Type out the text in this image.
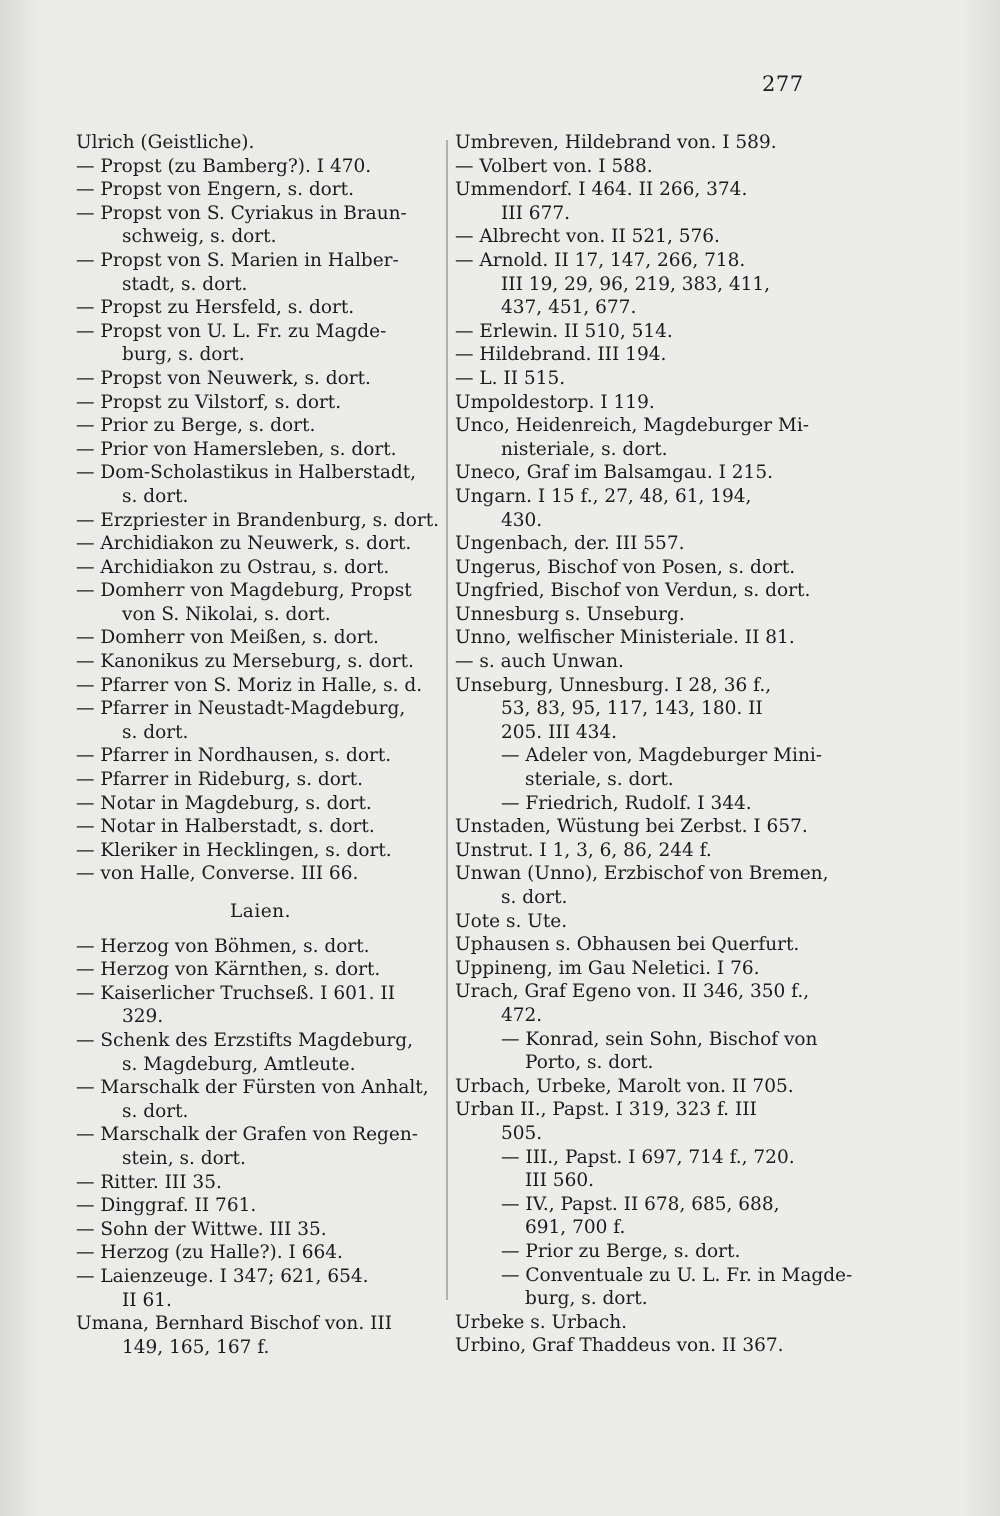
277
Ulrich (Geistliche).
— Propst (zu Bamberg?). I 470.
— Propst von Engern, s. dort.
— Propst von S. Cyriakus in Braun-
schweig, s. dort.
— Propst von S. Marien in Halber-
stadt, s. dort.
— Propst zu Hersfeld, s. dort.
— Propst von U. L. Fr. zu Magde-
burg, s. dort.
— Propst von Neuwerk, s. dort.
— Propst zu Vilstorf, s. dort.
— Prior zu Berge, s. dort.
— Prior von Hamersleben, s. dort.
— Dom-Scholastikus in Halberstadt,
s. dort.
— Erzpriester in Brandenburg, s. dort.
— Archidiakon zu Neuwerk, s. dort.
— Archidiakon zu Ostrau, s. dort.
— Domherr von Magdeburg, Propst
von S. Nikolai, s. dort.
— Domherr von Meißen, s. dort.
— Kanonikus zu Merseburg, s. dort.
— Pfarrer von S. Moriz in Halle, s. d.
— Pfarrer in Neustadt-Magdeburg,
s. dort.
— Pfarrer in Nordhausen, s. dort.
— Pfarrer in Rideburg, s. dort.
— Notar in Magdeburg, s. dort.
— Notar in Halberstadt, s. dort.
— Kleriker in Hecklingen, s. dort.
— von Halle, Converse. III 66.
Laien.
— Herzog von Böhmen, s. dort.
— Herzog von Kärnthen, s. dort.
— Kaiserlicher Truchseß. I 601. II
329.
— Schenk des Erzstifts Magdeburg,
s. Magdeburg, Amtleute.
— Marschalk der Fürsten von Anhalt,
s. dort.
— Marschalk der Grafen von Regen-
stein, s. dort.
— Ritter. III 35.
— Dinggraf. II 761.
— Sohn der Wittwe. III 35.
— Herzog (zu Halle?). I 664.
— Laienzeuge. I 347; 621, 654.
II 61.
Umana, Bernhard Bischof von. III
149, 165, 167 f.
Umbreven, Hildebrand von. I 589.
— Volbert von. I 588.
Ummendorf. I 464. II 266, 374.
III 677.
— Albrecht von. II 521, 576.
— Arnold. II 17, 147, 266, 718.
III 19, 29, 96, 219, 383, 411,
437, 451, 677.
— Erlewin. II 510, 514.
— Hildebrand. III 194.
— L. II 515.
Umpoldestorp. I 119.
Unco, Heidenreich, Magdeburger Mi-
nisteriale, s. dort.
Uneco, Graf im Balsamgau. I 215.
Ungarn. I 15 f., 27, 48, 61, 194,
430.
Ungenbach, der. III 557.
Ungerus, Bischof von Posen, s. dort.
Ungfried, Bischof von Verdun, s. dort.
Unnesburg s. Unseburg.
Unno, welfischer Ministeriale. II 81.
— s. auch Unwan.
Unseburg, Unnesburg. I 28, 36 f.,
53, 83, 95, 117, 143, 180. II
205. III 434.
— Adeler von, Magdeburger Mini-
steriale, s. dort.
— Friedrich, Rudolf. I 344.
Unstaden, Wüstung bei Zerbst. I 657.
Unstrut. I 1, 3, 6, 86, 244 f.
Unwan (Unno), Erzbischof von Bremen,
s. dort.
Uote s. Ute.
Uphausen s. Obhausen bei Querfurt.
Uppineng, im Gau Neletici. I 76.
Urach, Graf Egeno von. II 346, 350 f.,
472.
— Konrad, sein Sohn, Bischof von
Porto, s. dort.
Urbach, Urbeke, Marolt von. II 705.
Urban II., Papst. I 319, 323 f. III
505.
— III., Papst. I 697, 714 f., 720.
III 560.
— IV., Papst. II 678, 685, 688,
691, 700 f.
— Prior zu Berge, s. dort.
— Conventuale zu U. L. Fr. in Magde-
burg, s. dort.
Urbeke s. Urbach.
Urbino, Graf Thaddeus von. II 367.
